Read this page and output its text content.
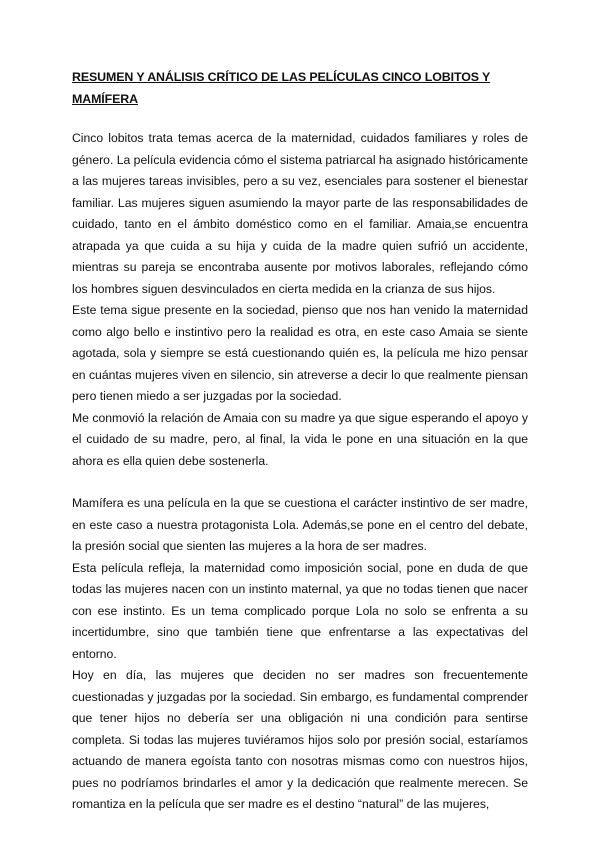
RESUMEN Y ANÁLISIS CRÍTICO DE LAS PELÍCULAS CINCO LOBITOS Y MAMÍFERA

Cinco lobitos trata temas acerca de la maternidad, cuidados familiares y roles de género. La película evidencia cómo el sistema patriarcal ha asignado históricamente a las mujeres tareas invisibles, pero a su vez, esenciales para sostener el bienestar familiar. Las mujeres siguen asumiendo la mayor parte de las responsabilidades de cuidado, tanto en el ámbito doméstico como en el familiar. Amaia,se encuentra atrapada ya que cuida a su hija y cuida de la madre quien sufrió un accidente, mientras su pareja se encontraba ausente por motivos laborales, reflejando cómo los hombres siguen desvinculados en cierta medida en la crianza de sus hijos.

Este tema sigue presente en la sociedad, pienso que nos han venido la maternidad como algo bello e instintivo pero la realidad es otra, en este caso Amaia se siente agotada, sola y siempre se está cuestionando quién es, la película me hizo pensar en cuántas mujeres viven en silencio, sin atreverse a decir lo que realmente piensan pero tienen miedo a ser juzgadas por la sociedad.

Me conmovió la relación de Amaia con su madre ya que sigue esperando el apoyo y el cuidado de su madre, pero, al final, la vida le pone en una situación en la que ahora es ella quien debe sostenerla.

Mamífera es una película en la que se cuestiona el carácter instintivo de ser madre, en este caso a nuestra protagonista Lola. Además,se pone en el centro del debate, la presión social que sienten las mujeres a la hora de ser madres.

Esta película refleja, la maternidad como imposición social, pone en duda de que todas las mujeres nacen con un instinto maternal, ya que no todas tienen que nacer con ese instinto. Es un tema complicado porque Lola no solo se enfrenta a su incertidumbre, sino que también tiene que enfrentarse a las expectativas del entorno.

Hoy en día, las mujeres que deciden no ser madres son frecuentemente cuestionadas y juzgadas por la sociedad. Sin embargo, es fundamental comprender que tener hijos no debería ser una obligación ni una condición para sentirse completa. Si todas las mujeres tuviéramos hijos solo por presión social, estaríamos actuando de manera egoísta tanto con nosotras mismas como con nuestros hijos, pues no podríamos brindarles el amor y la dedicación que realmente merecen. Se romantiza en la película que ser madre es el destino “natural” de las mujeres,
